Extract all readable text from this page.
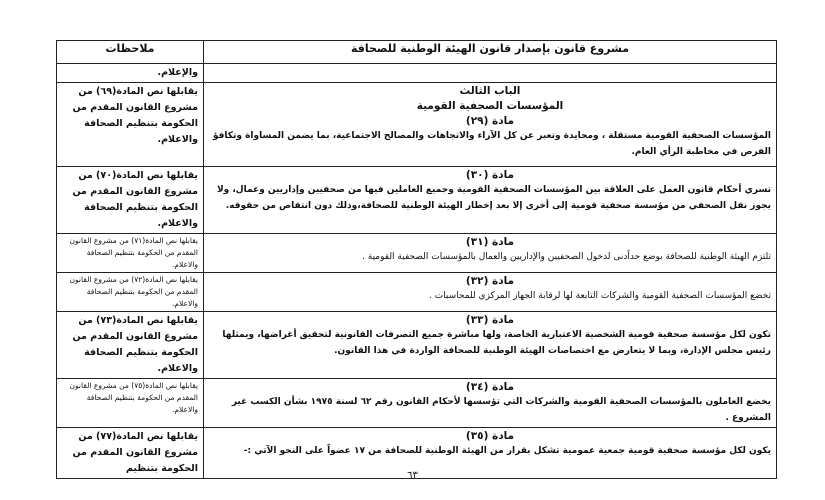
مشروع قانون بإصدار قانون الهيئة الوطنية للصحافة	ملاحظات
	والإعلام.

الباب الثالث
المؤسسات الصحفية القومية
مادة (٢٩)
المؤسسات الصحفية القومية مستقلة ، ومحايدة وتعبر عن كل الآراء والاتجاهات والمصالح الاجتماعية، بما يضمن المساواة وتكافؤ الفرص في مخاطبة الرأي العام.	يقابلها نص المادة(٦٩) من مشروع القانون المقدم من الحكومة بتنظيم الصحافة والاعلام.

مادة (٣٠)
تسري أحكام قانون العمل على العلاقة بين المؤسسات الصحفية القومية وجميع العاملين فيها من صحفيين وإداريين وعمال، ولا يجوز نقل الصحفي من مؤسسة صحفية قومية إلى أخرى إلا بعد إخطار الهيئة الوطنية للصحافة،وذلك دون انتقاص من حقوقه.	يقابلها نص المادة(٧٠) من مشروع القانون المقدم من الحكومة بتنظيم الصحافة والاعلام.

مادة (٣١)
تلتزم الهيئة الوطنية للصحافة بوضع حداًدنى لدخول الصحفيين والإداريين والعمال بالمؤسسات الصحفية القومية .	يقابلها نص المادة(٧١) من مشروع القانون المقدم من الحكومة بتنظيم الصحافة والاعلام.

مادة (٣٢)
تخضع المؤسسات الصحفية القومية والشركات التابعة لها لرقابة الجهاز المركزي للمحاسبات .	يقابلها نص المادة(٧٢) من مشروع القانون المقدم من الحكومة بتنظيم الصحافة والاعلام.

مادة (٣٣)
تكون لكل مؤسسة صحفية قومية الشخصية الاعتبارية الخاصة، ولها مباشرة جميع التصرفات القانونية لتحقيق أغراضها، ويمثلها رئيس مجلس الإدارة، وبما لا يتعارض مع اختصاصات الهيئة الوطنية للصحافة الواردة في هذا القانون.	يقابلها نص المادة(٧٣) من مشروع القانون المقدم من الحكومة بتنظيم الصحافة والاعلام.

مادة (٣٤)
يخضع العاملون بالمؤسسات الصحفية القومية والشركات التي تؤسسها لأحكام القانون رقم ٦٢ لسنة ١٩٧٥ بشأن الكسب غير المشروع .	يقابلها نص المادة(٧٥) من مشروع القانون المقدم من الحكومة بتنظيم الصحافة والاعلام.

مادة (٣٥)
يكون لكل مؤسسة صحفية قومية جمعية عمومية تشكل بقرار من الهيئة الوطنية للصحافة من ١٧ عضواً على النحو الآتي :-	يقابلها نص المادة(٧٧) من مشروع القانون المقدم من الحكومة بتنظيم
٦٣
